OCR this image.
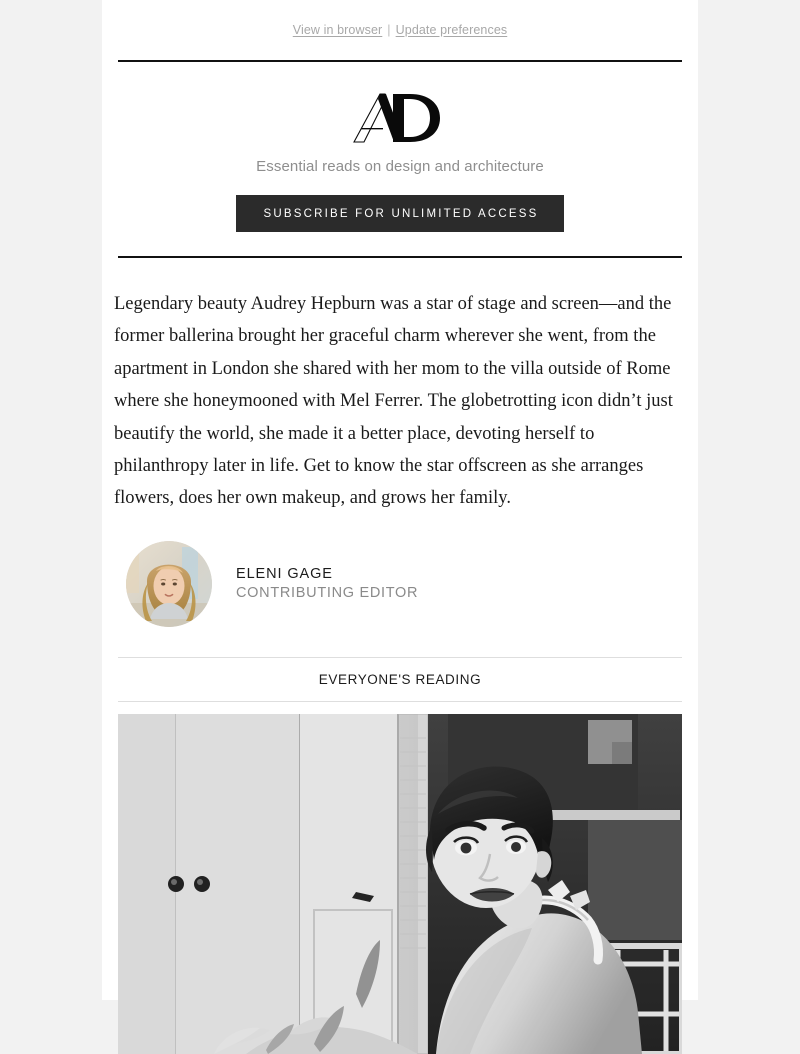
View in browser | Update preferences
Essential reads on design and architecture
SUBSCRIBE FOR UNLIMITED ACCESS

Legendary beauty Audrey Hepburn was a star of stage and screen—and the former ballerina brought her graceful charm wherever she went, from the apartment in London she shared with her mom to the villa outside of Rome where she honeymooned with Mel Ferrer. The globetrotting icon didn’t just beautify the world, she made it a better place, devoting herself to philanthropy later in life. Get to know the star offscreen as she arranges flowers, does her own makeup, and grows her family.

ELENI GAGE
CONTRIBUTING EDITOR
EVERYONE'S READING
